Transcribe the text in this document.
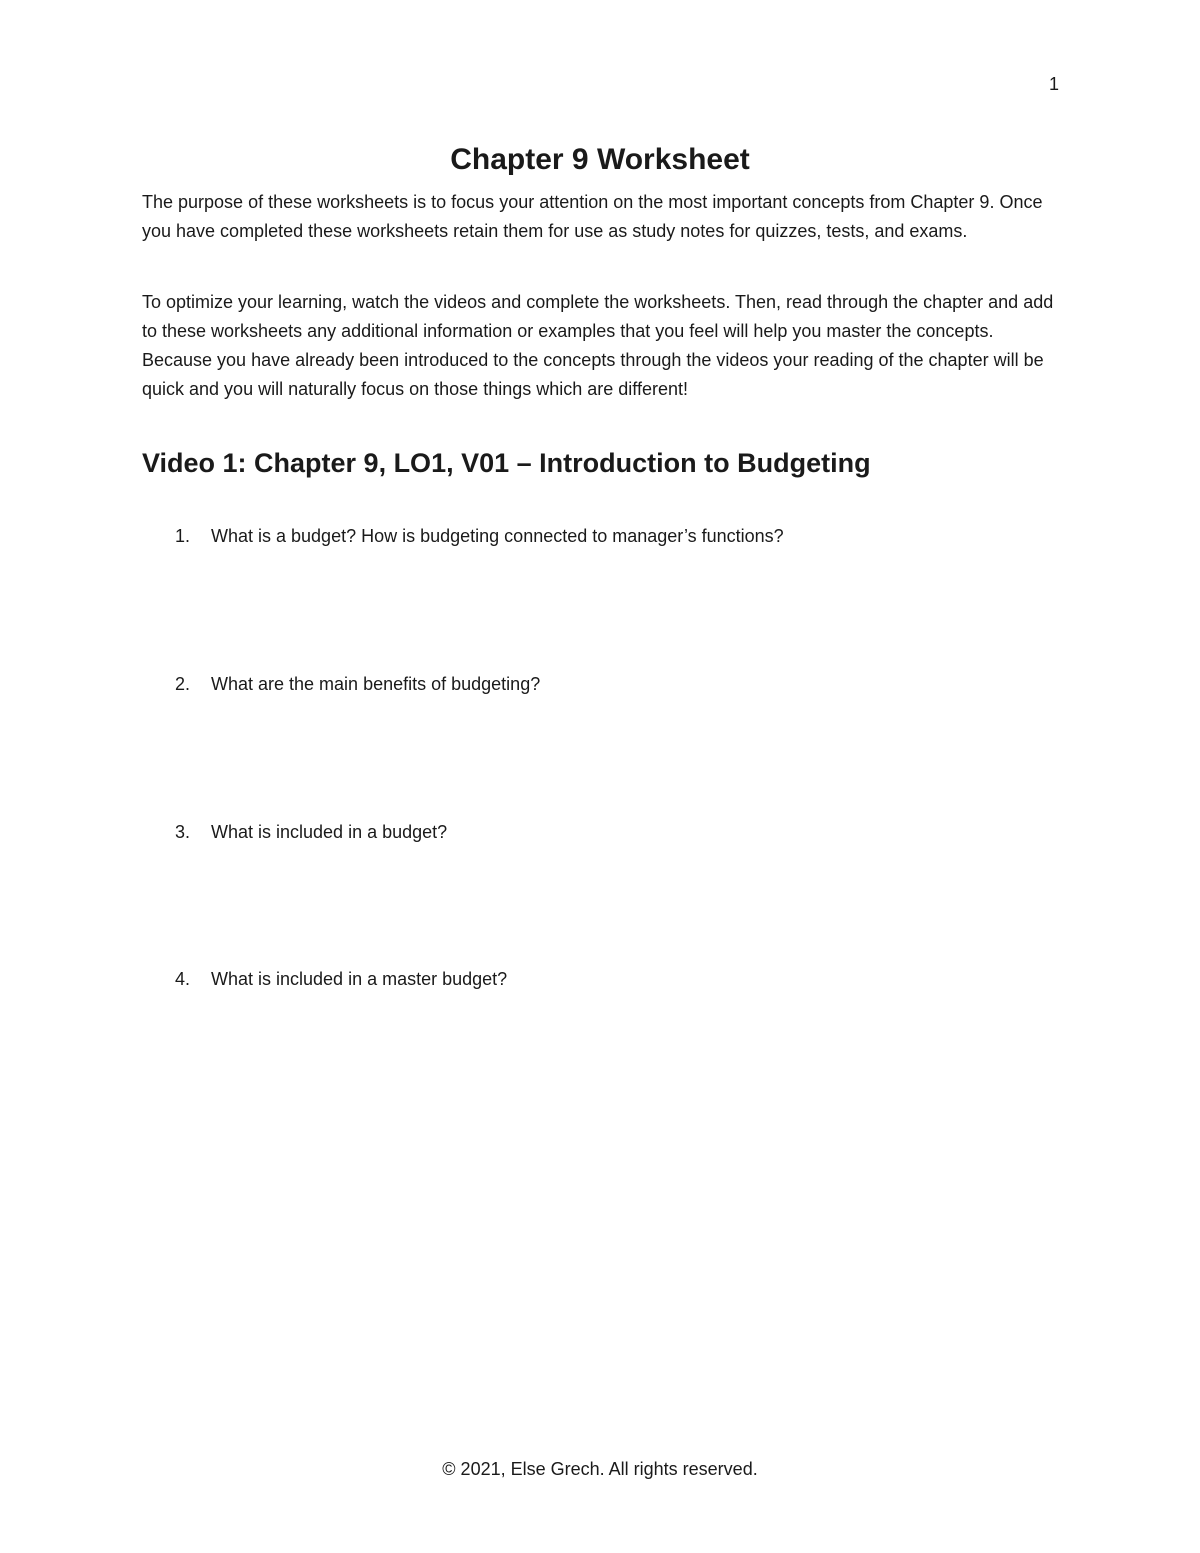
1
Chapter 9 Worksheet

The purpose of these worksheets is to focus your attention on the most important concepts from Chapter 9. Once you have completed these worksheets retain them for use as study notes for quizzes, tests, and exams.

To optimize your learning, watch the videos and complete the worksheets. Then, read through the chapter and add to these worksheets any additional information or examples that you feel will help you master the concepts. Because you have already been introduced to the concepts through the videos your reading of the chapter will be quick and you will naturally focus on those things which are different!

Video 1: Chapter 9, LO1, V01 – Introduction to Budgeting
1.	What is a budget? How is budgeting connected to manager’s functions?
2.	What are the main benefits of budgeting?
3.	What is included in a budget?
4.	What is included in a master budget?
© 2021, Else Grech. All rights reserved.
